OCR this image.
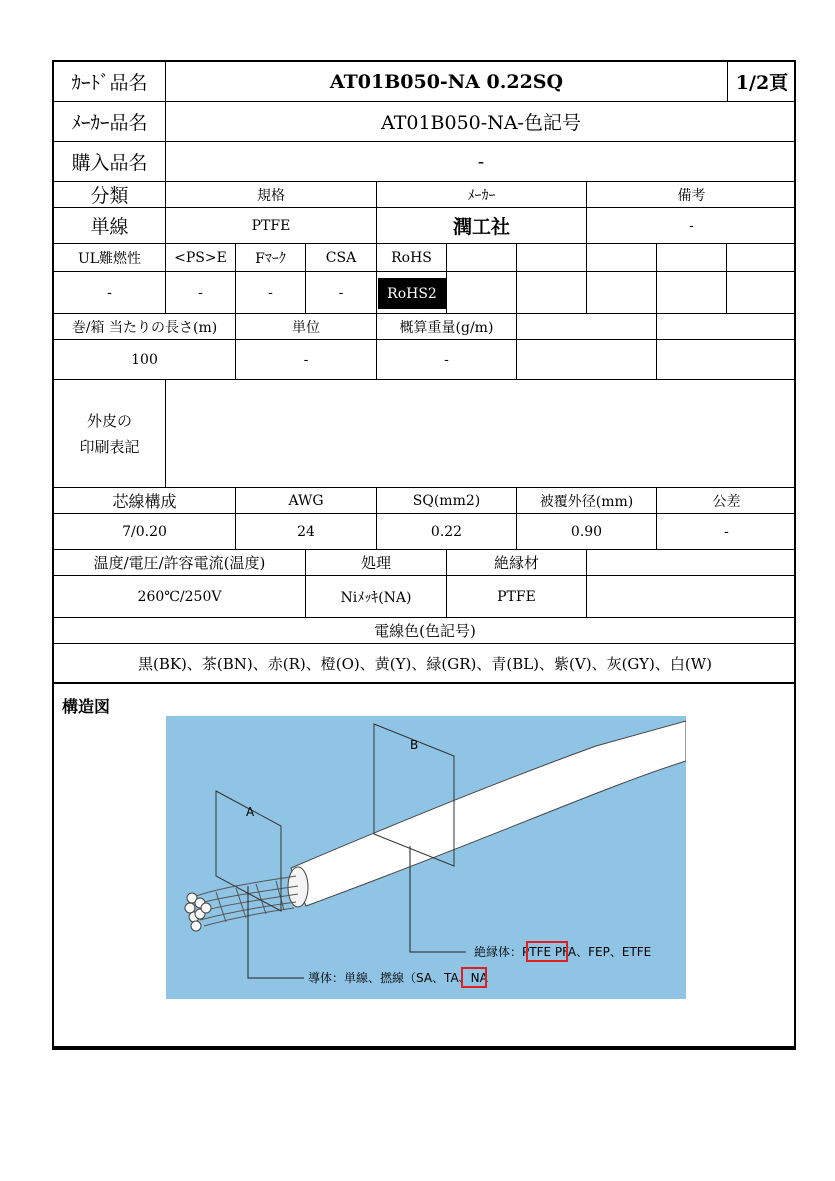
ｶｰﾄﾞ品名	AT01B050-NA 0.22SQ	1/2頁
ﾒｰｶｰ品名	AT01B050-NA-色記号
購入品名	-
分類	規格	ﾒｰｶｰ	備考
単線	PTFE	潤工社	-
UL難燃性	<PS>E	Fﾏｰｸ	CSA	RoHS
-	-	-	-	RoHS2
巻/箱 当たりの長さ(m)	単位	概算重量(g/m)
100	-	-
外皮の
印刷表記
芯線構成	AWG	SQ(mm2)	被覆外径(mm)	公差
7/0.20	24	0.22	0.90	-
温度/電圧/許容電流(温度)	処理	絶縁材
260℃/250V	Niﾒｯｷ(NA)	PTFE
電線色(色記号)
黒(BK)、茶(BN)、赤(R)、橙(O)、黄(Y)、緑(GR)、青(BL)、紫(V)、灰(GY)、白(W)
構造図
A
B
絶縁体：PTFE PFA、FEP、ETFE
導体：単線、撚線（SA、TA、NA
